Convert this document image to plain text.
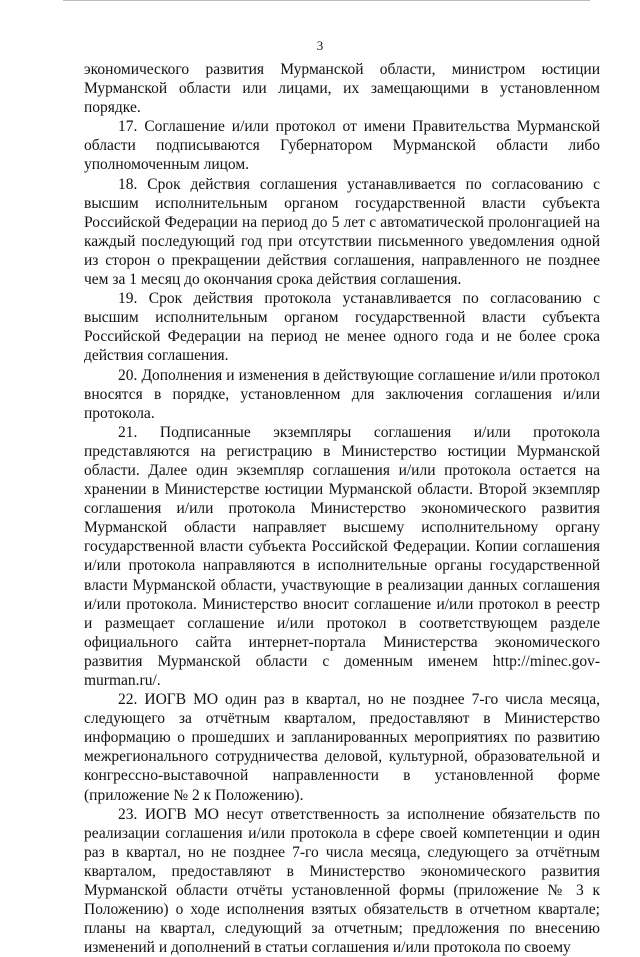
3

экономического развития Мурманской области, министром юстиции Мурманской области или лицами, их замещающими в установленном порядке.

17. Соглашение и/или протокол от имени Правительства Мурманской области подписываются Губернатором Мурманской области либо уполномоченным лицом.

18. Срок действия соглашения устанавливается по согласованию с высшим исполнительным органом государственной власти субъекта Российской Федерации на период до 5 лет с автоматической пролонгацией на каждый последующий год при отсутствии письменного уведомления одной из сторон о прекращении действия соглашения, направленного не позднее чем за 1 месяц до окончания срока действия соглашения.

19. Срок действия протокола устанавливается по согласованию с высшим исполнительным органом государственной власти субъекта Российской Федерации на период не менее одного года и не более срока действия соглашения.

20. Дополнения и изменения в действующие соглашение и/или протокол вносятся в порядке, установленном для заключения соглашения и/или протокола.

21. Подписанные экземпляры соглашения и/или протокола представляются на регистрацию в Министерство юстиции Мурманской области. Далее один экземпляр соглашения и/или протокола остается на хранении в Министерстве юстиции Мурманской области. Второй экземпляр соглашения и/или протокола Министерство экономического развития Мурманской области направляет высшему исполнительному органу государственной власти субъекта Российской Федерации. Копии соглашения и/или протокола направляются в исполнительные органы государственной власти Мурманской области, участвующие в реализации данных соглашения и/или протокола. Министерство вносит соглашение и/или протокол в реестр и размещает соглашение и/или протокол в соответствующем разделе официального сайта интернет-портала Министерства экономического развития Мурманской области с доменным именем http://minec.gov-murman.ru/.

22. ИОГВ МО один раз в квартал, но не позднее 7-го числа месяца, следующего за отчётным кварталом, предоставляют в Министерство информацию о прошедших и запланированных мероприятиях по развитию межрегионального сотрудничества деловой, культурной, образовательной и конгрессно-выставочной направленности в установленной форме (приложение № 2 к Положению).

23. ИОГВ МО несут ответственность за исполнение обязательств по реализации соглашения и/или протокола в сфере своей компетенции и один раз в квартал, но не позднее 7-го числа месяца, следующего за отчётным кварталом, предоставляют в Министерство экономического развития Мурманской области отчёты установленной формы (приложение № 3 к Положению) о ходе исполнения взятых обязательств в отчетном квартале; планы на квартал, следующий за отчетным; предложения по внесению изменений и дополнений в статьи соглашения и/или протокола по своему
